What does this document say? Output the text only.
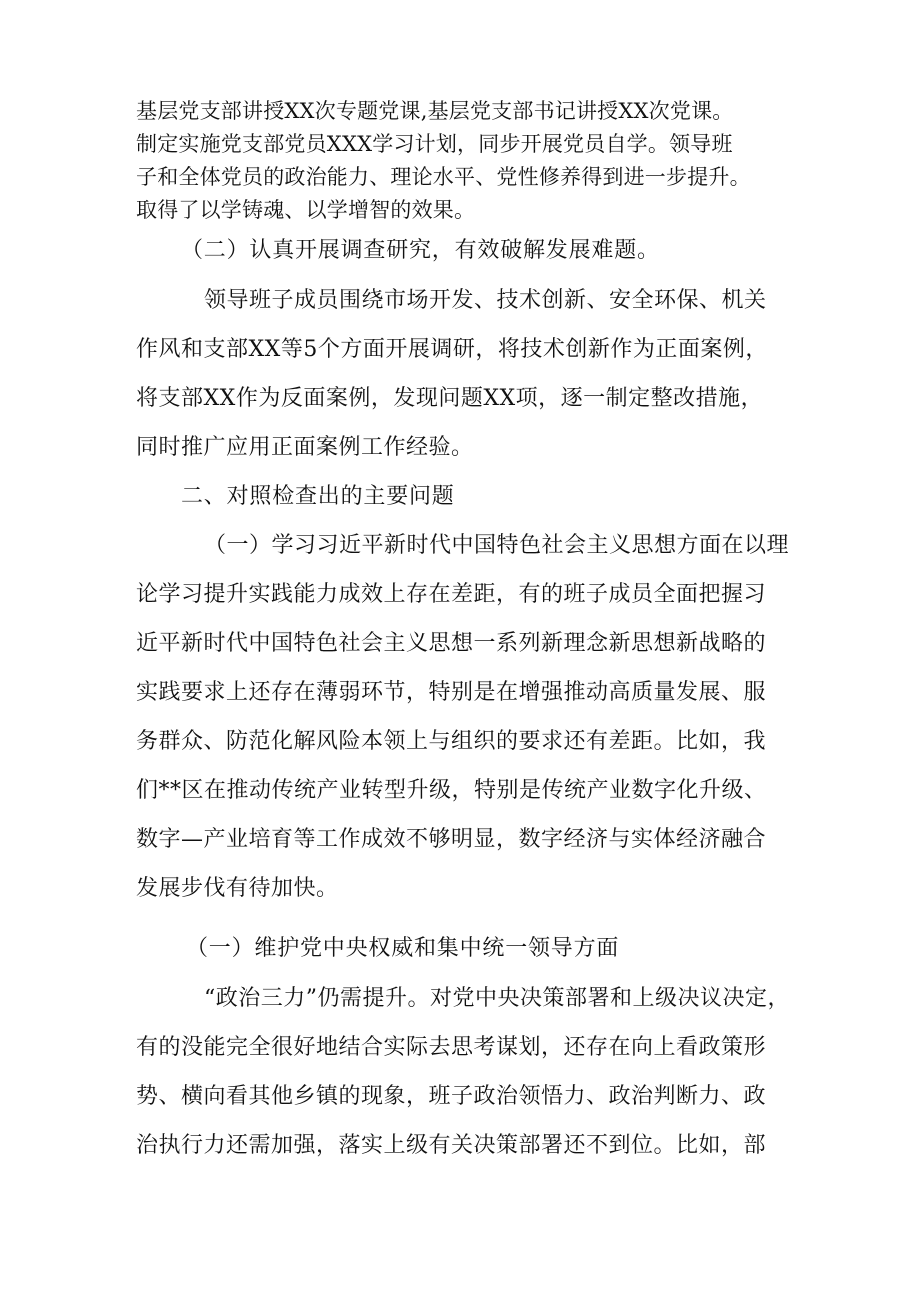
基层党支部讲授XX次专题党课,基层党支部书记讲授XX次党课。

制定实施党支部党员XXX学习计划，同步开展党员自学。领导班

子和全体党员的政治能力、理论水平、党性修养得到进一步提升。

取得了以学铸魂、以学增智的效果。

（二）认真开展调查研究，有效破解发展难题。

领导班子成员围绕市场开发、技术创新、安全环保、机关

作风和支部XX等5个方面开展调研，将技术创新作为正面案例，

将支部XX作为反面案例，发现问题XX项，逐一制定整改措施，

同时推广应用正面案例工作经验。

二、对照检查出的主要问题

（一）学习习近平新时代中国特色社会主义思想方面在以理

论学习提升实践能力成效上存在差距，有的班子成员全面把握习

近平新时代中国特色社会主义思想一系列新理念新思想新战略的

实践要求上还存在薄弱环节，特别是在增强推动高质量发展、服

务群众、防范化解风险本领上与组织的要求还有差距。比如，我

们**区在推动传统产业转型升级，特别是传统产业数字化升级、

数字—产业培育等工作成效不够明显，数字经济与实体经济融合

发展步伐有待加快。

（一）维护党中央权威和集中统一领导方面

“政治三力”仍需提升。对党中央决策部署和上级决议决定，

有的没能完全很好地结合实际去思考谋划，还存在向上看政策形

势、横向看其他乡镇的现象，班子政治领悟力、政治判断力、政

治执行力还需加强，落实上级有关决策部署还不到位。比如，部
